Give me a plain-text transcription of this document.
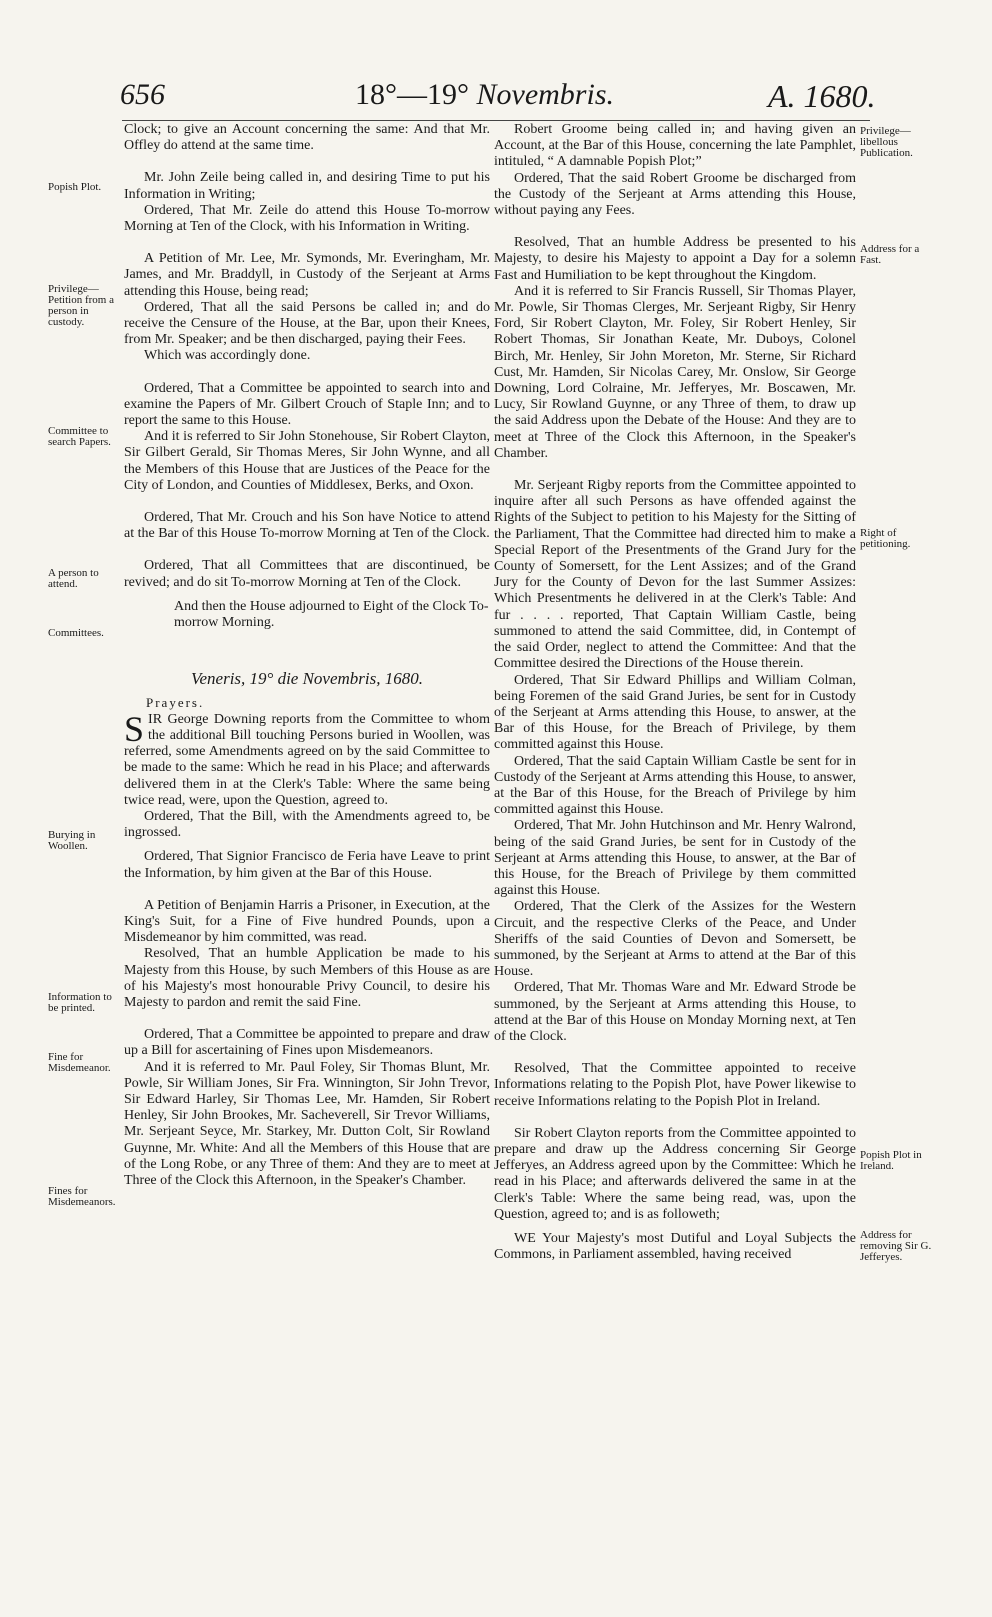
656	18°—19° Novembris.	A. 1680.
Popish Plot.
Privilege—Petition from a person in custody.
Committee to search Papers.
A person to attend.
Committees.
Burying in Woollen.
Information to be printed.
Fine for Misdemeanor.
Fines for Misdemeanors.
Privilege—libellous Publication.
Address for a Fast.
Right of petitioning.
Popish Plot in Ireland.
Address for removing Sir G. Jefferyes.

Clock; to give an Account concerning the same: And that Mr. Offley do attend at the same time.

Mr. John Zeile being called in, and desiring Time to put his Information in Writing;

Ordered, That Mr. Zeile do attend this House To-morrow Morning at Ten of the Clock, with his Information in Writing.

A Petition of Mr. Lee, Mr. Symonds, Mr. Everingham, Mr. James, and Mr. Braddyll, in Custody of the Serjeant at Arms attending this House, being read;

Ordered, That all the said Persons be called in; and do receive the Censure of the House, at the Bar, upon their Knees, from Mr. Speaker; and be then discharged, paying their Fees.

Which was accordingly done.

Ordered, That a Committee be appointed to search into and examine the Papers of Mr. Gilbert Crouch of Staple Inn; and to report the same to this House.

And it is referred to Sir John Stonehouse, Sir Robert Clayton, Sir Gilbert Gerald, Sir Thomas Meres, Sir John Wynne, and all the Members of this House that are Justices of the Peace for the City of London, and Counties of Middlesex, Berks, and Oxon.

Ordered, That Mr. Crouch and his Son have Notice to attend at the Bar of this House To-morrow Morning at Ten of the Clock.

Ordered, That all Committees that are discontinued, be revived; and do sit To-morrow Morning at Ten of the Clock.

And then the House adjourned to Eight of the Clock To-morrow Morning.

Veneris, 19° die Novembris, 1680.

Prayers.

SIR George Downing reports from the Committee to whom the additional Bill touching Persons buried in Woollen, was referred, some Amendments agreed on by the said Committee to be made to the same: Which he read in his Place; and afterwards delivered them in at the Clerk's Table: Where the same being twice read, were, upon the Question, agreed to.

Ordered, That the Bill, with the Amendments agreed to, be ingrossed.

Ordered, That Signior Francisco de Feria have Leave to print the Information, by him given at the Bar of this House.

A Petition of Benjamin Harris a Prisoner, in Execution, at the King's Suit, for a Fine of Five hundred Pounds, upon a Misdemeanor by him committed, was read.

Resolved, That an humble Application be made to his Majesty from this House, by such Members of this House as are of his Majesty's most honourable Privy Council, to desire his Majesty to pardon and remit the said Fine.

Ordered, That a Committee be appointed to prepare and draw up a Bill for ascertaining of Fines upon Misdemeanors.

And it is referred to Mr. Paul Foley, Sir Thomas Blunt, Mr. Powle, Sir William Jones, Sir Fra. Winnington, Sir John Trevor, Sir Edward Harley, Sir Thomas Lee, Mr. Hamden, Sir Robert Henley, Sir John Brookes, Mr. Sacheverell, Sir Trevor Williams, Mr. Serjeant Seyce, Mr. Starkey, Mr. Dutton Colt, Sir Rowland Guynne, Mr. White: And all the Members of this House that are of the Long Robe, or any Three of them: And they are to meet at Three of the Clock this Afternoon, in the Speaker's Chamber.

Robert Groome being called in; and having given an Account, at the Bar of this House, concerning the late Pamphlet, intituled, “ A damnable Popish Plot;”

Ordered, That the said Robert Groome be discharged from the Custody of the Serjeant at Arms attending this House, without paying any Fees.

Resolved, That an humble Address be presented to his Majesty, to desire his Majesty to appoint a Day for a solemn Fast and Humiliation to be kept throughout the Kingdom.

And it is referred to Sir Francis Russell, Sir Thomas Player, Mr. Powle, Sir Thomas Clerges, Mr. Serjeant Rigby, Sir Henry Ford, Sir Robert Clayton, Mr. Foley, Sir Robert Henley, Sir Robert Thomas, Sir Jonathan Keate, Mr. Duboys, Colonel Birch, Mr. Henley, Sir John Moreton, Mr. Sterne, Sir Richard Cust, Mr. Hamden, Sir Nicolas Carey, Mr. Onslow, Sir George Downing, Lord Colraine, Mr. Jefferyes, Mr. Boscawen, Mr. Lucy, Sir Rowland Guynne, or any Three of them, to draw up the said Address upon the Debate of the House: And they are to meet at Three of the Clock this Afternoon, in the Speaker's Chamber.

Mr. Serjeant Rigby reports from the Committee appointed to inquire after all such Persons as have offended against the Rights of the Subject to petition to his Majesty for the Sitting of the Parliament, That the Committee had directed him to make a Special Report of the Presentments of the Grand Jury for the County of Somersett, for the Lent Assizes; and of the Grand Jury for the County of Devon for the last Summer Assizes: Which Presentments he delivered in at the Clerk's Table: And fur . . . . reported, That Captain William Castle, being summoned to attend the said Committee, did, in Contempt of the said Order, neglect to attend the Committee: And that the Committee desired the Directions of the House therein.

Ordered, That Sir Edward Phillips and William Colman, being Foremen of the said Grand Juries, be sent for in Custody of the Serjeant at Arms attending this House, to answer, at the Bar of this House, for the Breach of Privilege, by them committed against this House.

Ordered, That the said Captain William Castle be sent for in Custody of the Serjeant at Arms attending this House, to answer, at the Bar of this House, for the Breach of Privilege by him committed against this House.

Ordered, That Mr. John Hutchinson and Mr. Henry Walrond, being of the said Grand Juries, be sent for in Custody of the Serjeant at Arms attending this House, to answer, at the Bar of this House, for the Breach of Privilege by them committed against this House.

Ordered, That the Clerk of the Assizes for the Western Circuit, and the respective Clerks of the Peace, and Under Sheriffs of the said Counties of Devon and Somersett, be summoned, by the Serjeant at Arms to attend at the Bar of this House.

Ordered, That Mr. Thomas Ware and Mr. Edward Strode be summoned, by the Serjeant at Arms attending this House, to attend at the Bar of this House on Monday Morning next, at Ten of the Clock.

Resolved, That the Committee appointed to receive Informations relating to the Popish Plot, have Power likewise to receive Informations relating to the Popish Plot in Ireland.

Sir Robert Clayton reports from the Committee appointed to prepare and draw up the Address concerning Sir George Jefferyes, an Address agreed upon by the Committee: Which he read in his Place; and afterwards delivered the same in at the Clerk's Table: Where the same being read, was, upon the Question, agreed to; and is as followeth;

WE Your Majesty's most Dutiful and Loyal Subjects the Commons, in Parliament assembled, having received
